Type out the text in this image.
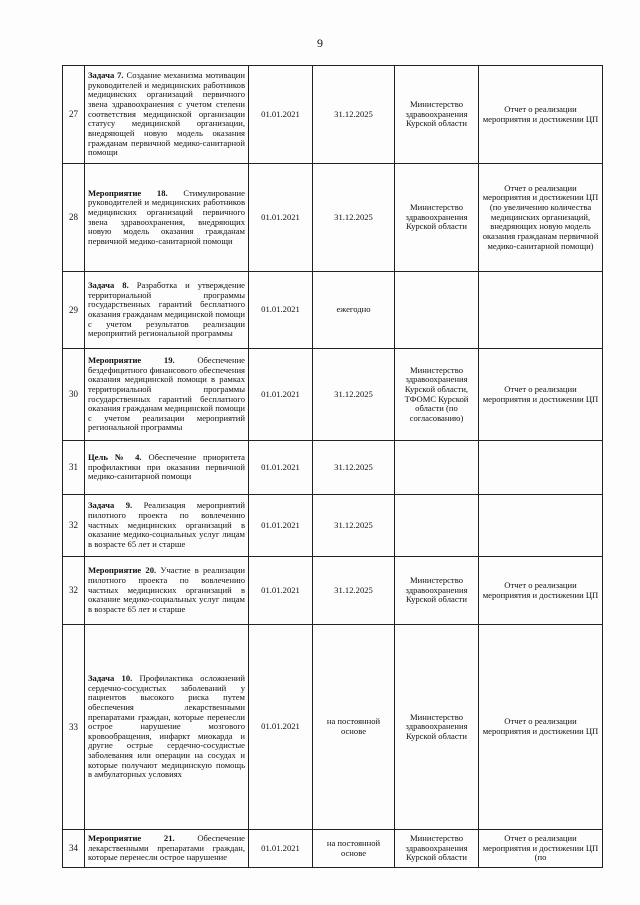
9
27	Задача 7. Создание механизма мотивации руководителей и медицинских работников медицинских организаций первичного звена здравоохранения с учетом степени соответствия медицинской организации статусу медицинской организации, внедряющей новую модель оказания гражданам первичной медико-санитарной помощи	01.01.2021	31.12.2025	Министерство здравоохранения Курской области	Отчет о реализации мероприятия и достижении ЦП
28	Мероприятие 18. Стимулирование руководителей и медицинских работников медицинских организаций первичного звена здравоохранения, внедряющих новую модель оказания гражданам первичной медико-санитарной помощи	01.01.2021	31.12.2025	Министерство здравоохранения Курской области	Отчет о реализации мероприятия и достижении ЦП (по увеличению количества медицинских организаций, внедряющих новую модель оказания гражданам первичной медико-санитарной помощи)
29	Задача 8. Разработка и утверждение территориальной программы государственных гарантий бесплатного оказания гражданам медицинской помощи с учетом результатов реализации мероприятий региональной программы	01.01.2021	ежегодно		
30	Мероприятие 19. Обеспечение бездефицитного финансового обеспечения оказания медицинской помощи в рамках территориальной программы государственных гарантий бесплатного оказания гражданам медицинской помощи с учетом реализации мероприятий региональной программы	01.01.2021	31.12.2025	Министерство здравоохранения Курской области, ТФОМС Курской области (по согласованию)	Отчет о реализации мероприятия и достижении ЦП
31	Цель № 4. Обеспечение приоритета профилактики при оказании первичной медико-санитарной помощи	01.01.2021	31.12.2025		
32	Задача 9. Реализация мероприятий пилотного проекта по вовлечению частных медицинских организаций в оказание медико-социальных услуг лицам в возрасте 65 лет и старше	01.01.2021	31.12.2025		
32	Мероприятие 20. Участие в реализации пилотного проекта по вовлечению частных медицинских организаций в оказание медико-социальных услуг лицам в возрасте 65 лет и старше	01.01.2021	31.12.2025	Министерство здравоохранения Курской области	Отчет о реализации мероприятия и достижении ЦП
33	Задача 10. Профилактика осложнений сердечно-сосудистых заболеваний у пациентов высокого риска путем обеспечения лекарственными препаратами граждан, которые перенесли острое нарушение мозгового кровообращения, инфаркт миокарда и другие острые сердечно-сосудистые заболевания или операции на сосудах и которые получают медицинскую помощь в амбулаторных условиях	01.01.2021	на постоянной основе	Министерство здравоохранения Курской области	Отчет о реализации мероприятия и достижении ЦП
34	Мероприятие 21. Обеспечение лекарственными препаратами граждан, которые перенесли острое нарушение	01.01.2021	на постоянной основе	Министерство здравоохранения Курской области	Отчет о реализации мероприятия и достижении ЦП (по
